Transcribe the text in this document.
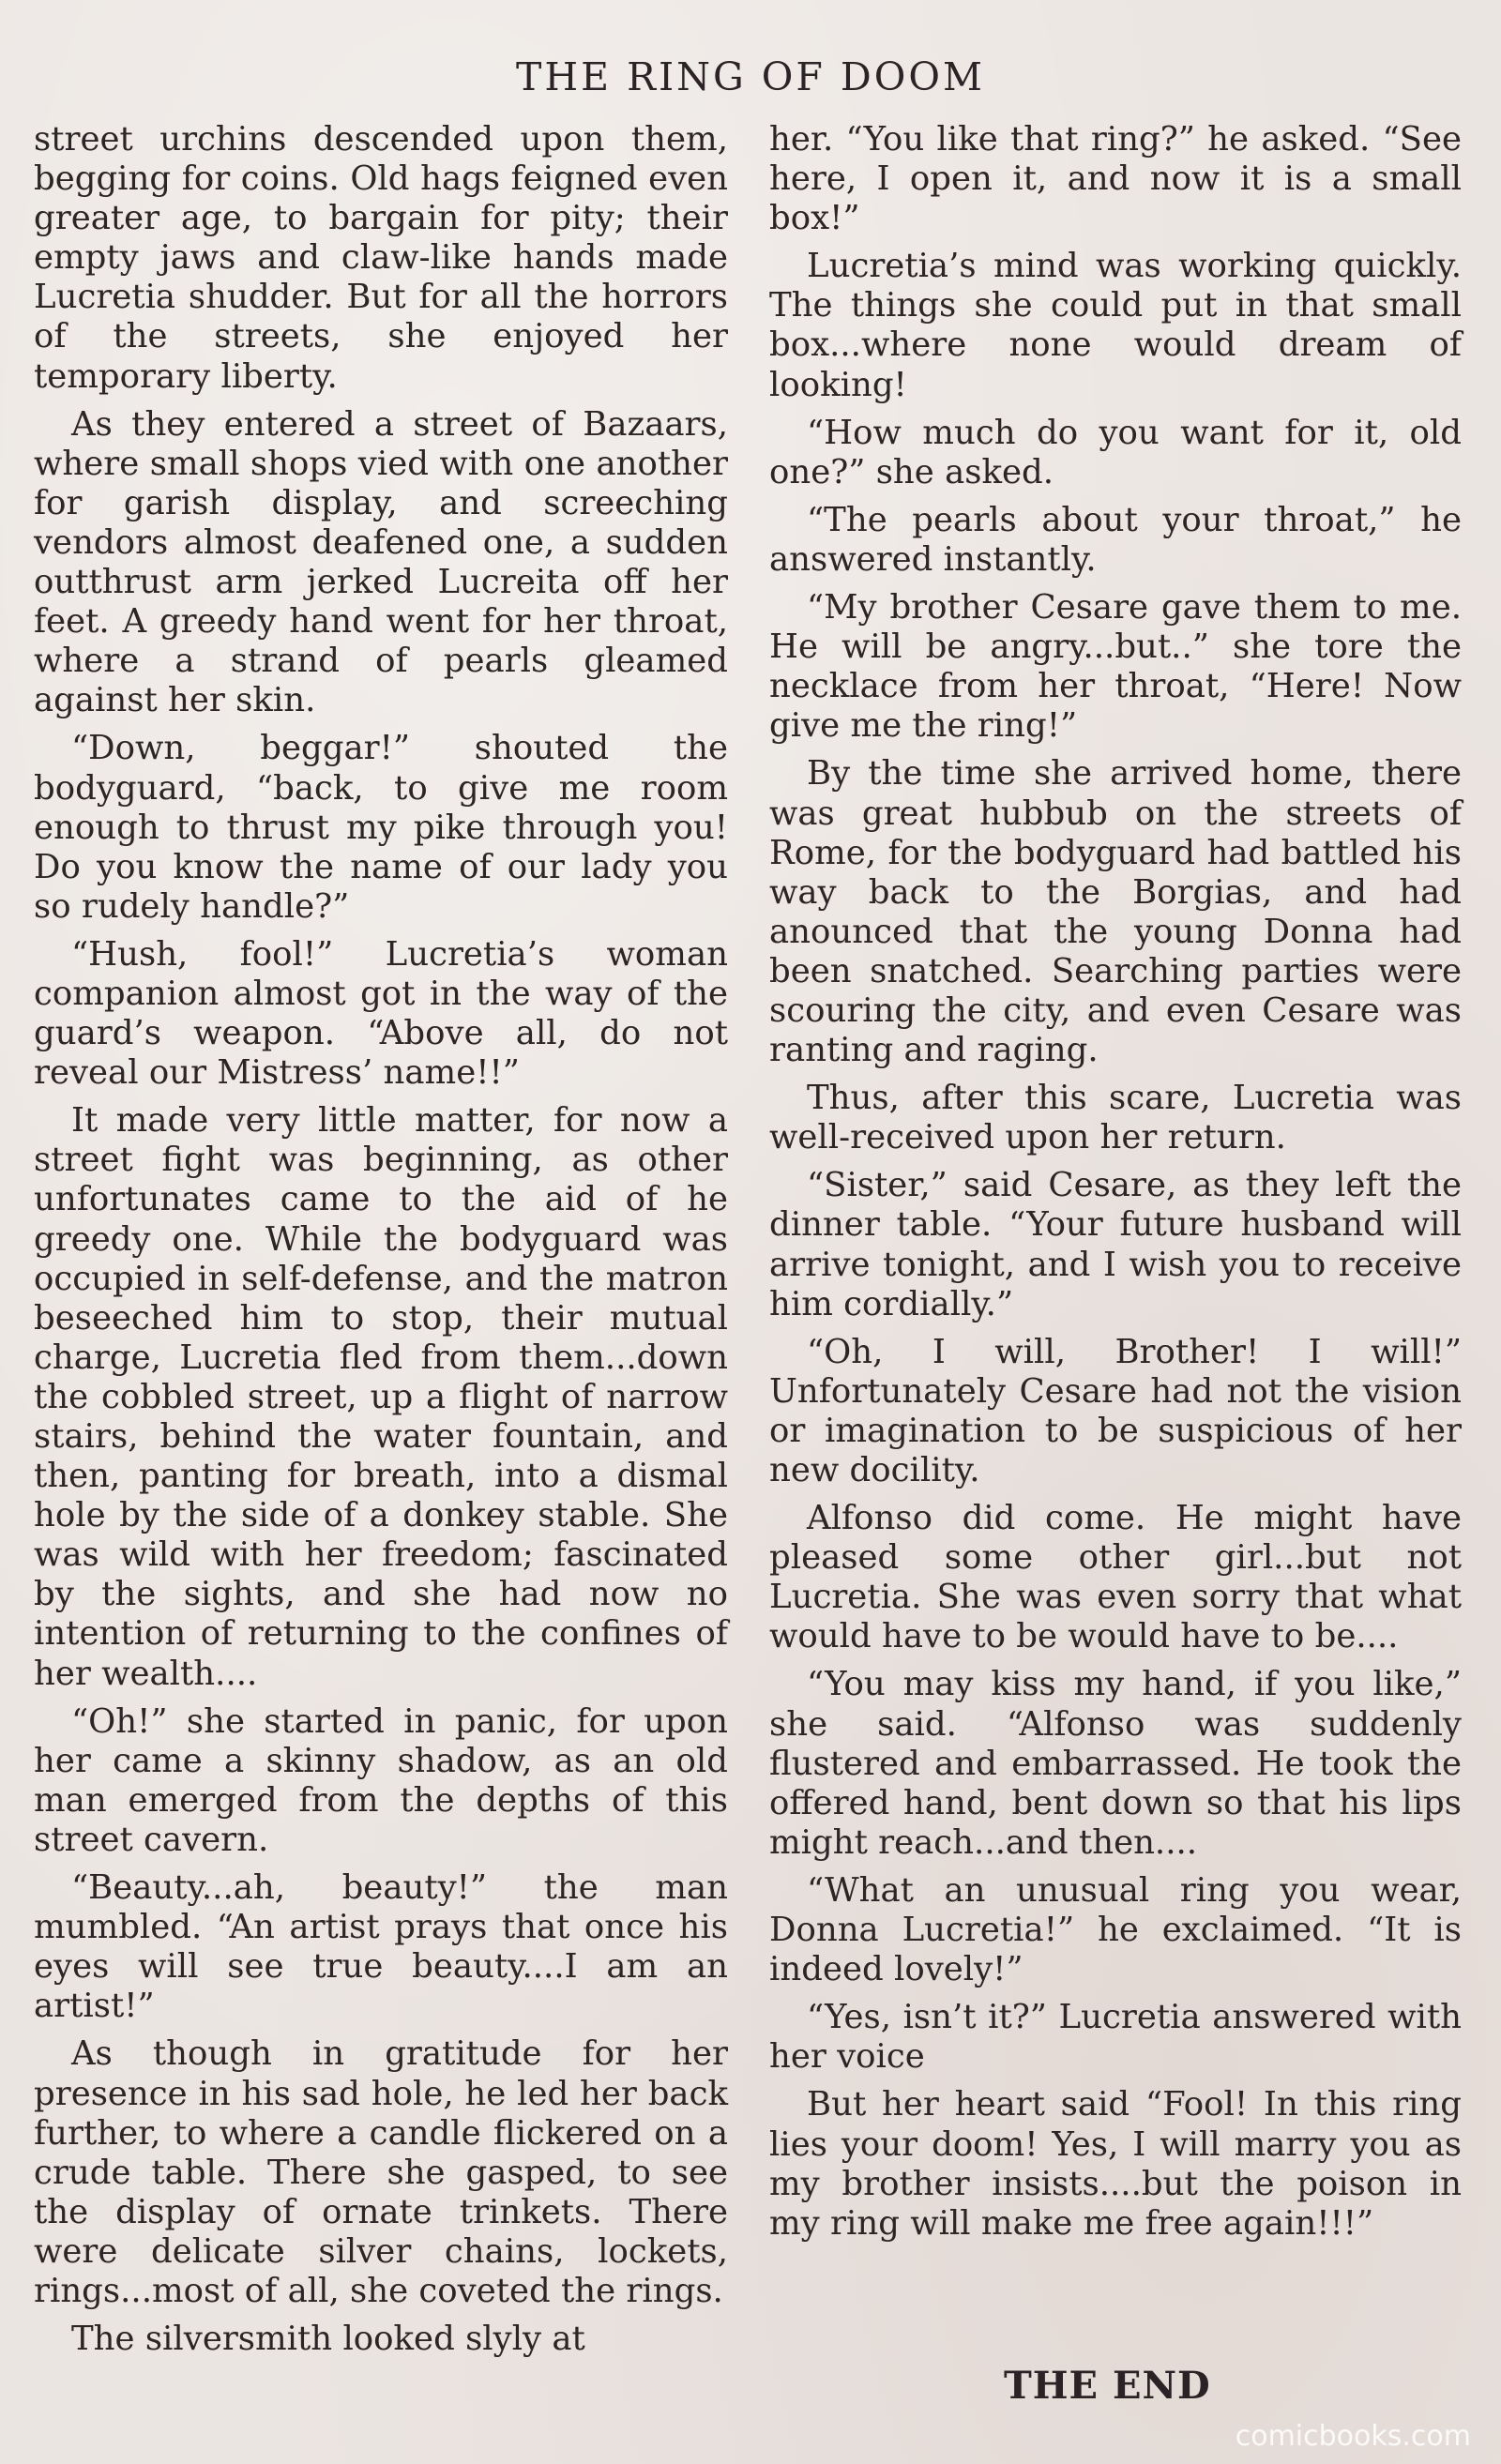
THE RING OF DOOM

street urchins descended upon them, begging for coins. Old hags feigned even greater age, to bargain for pity; their empty jaws and claw-like hands made Lucretia shudder. But for all the horrors of the streets, she enjoyed her temporary liberty.

As they entered a street of Bazaars, where small shops vied with one another for garish display, and screeching vendors almost deafened one, a sudden outthrust arm jerked Lucreita off her feet. A greedy hand went for her throat, where a strand of pearls gleamed against her skin.

“Down, beggar!” shouted the bodyguard, “back, to give me room enough to thrust my pike through you! Do you know the name of our lady you so rudely handle?”

“Hush, fool!” Lucretia’s woman companion almost got in the way of the guard’s weapon. “Above all, do not reveal our Mistress’ name!!”

It made very little matter, for now a street fight was beginning, as other unfortunates came to the aid of he greedy one. While the bodyguard was occupied in self-defense, and the matron beseeched him to stop, their mutual charge, Lucretia fled from them...down the cobbled street, up a flight of narrow stairs, behind the water fountain, and then, panting for breath, into a dismal hole by the side of a donkey stable. She was wild with her freedom; fascinated by the sights, and she had now no intention of returning to the confines of her wealth....

“Oh!” she started in panic, for upon her came a skinny shadow, as an old man emerged from the depths of this street cavern.

“Beauty...ah, beauty!” the man mumbled. “An artist prays that once his eyes will see true beauty....I am an artist!”

As though in gratitude for her presence in his sad hole, he led her back further, to where a candle flickered on a crude table. There she gasped, to see the display of ornate trinkets. There were delicate silver chains, lockets, rings...most of all, she coveted the rings.

The silversmith looked slyly at

her. “You like that ring?” he asked. “See here, I open it, and now it is a small box!”

Lucretia’s mind was working quickly. The things she could put in that small box...where none would dream of looking!

“How much do you want for it, old one?” she asked.

“The pearls about your throat,” he answered instantly.

“My brother Cesare gave them to me. He will be angry...but..” she tore the necklace from her throat, “Here! Now give me the ring!”

By the time she arrived home, there was great hubbub on the streets of Rome, for the bodyguard had battled his way back to the Borgias, and had anounced that the young Donna had been snatched. Searching parties were scouring the city, and even Cesare was ranting and raging.

Thus, after this scare, Lucretia was well-received upon her return.

“Sister,” said Cesare, as they left the dinner table. “Your future husband will arrive tonight, and I wish you to receive him cordially.”

“Oh, I will, Brother! I will!” Unfortunately Cesare had not the vision or imagination to be suspicious of her new docility.

Alfonso did come. He might have pleased some other girl...but not Lucretia. She was even sorry that what would have to be would have to be....

“You may kiss my hand, if you like,” she said. “Alfonso was suddenly flustered and embarrassed. He took the offered hand, bent down so that his lips might reach...and then....

“What an unusual ring you wear, Donna Lucretia!” he exclaimed. “It is indeed lovely!”

“Yes, isn’t it?” Lucretia answered with her voice

But her heart said “Fool! In this ring lies your doom! Yes, I will marry you as my brother insists....but the poison in my ring will make me free again!!!”

THE END
comicbooks.com
